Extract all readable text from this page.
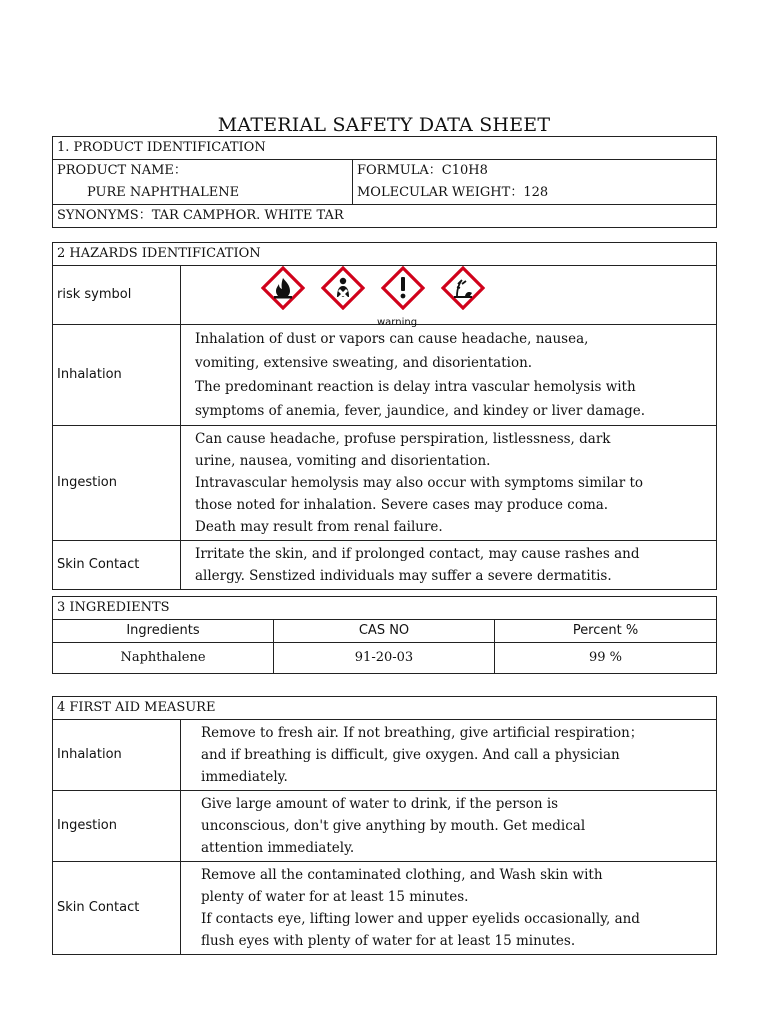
MATERIAL SAFETY DATA SHEET
1. PRODUCT IDENTIFICATION

PRODUCT NAME：
PURE NAPHTHALENE

FORMULA：C10H8
MOLECULAR WEIGHT：128

SYNONYMS：TAR CAMPHOR. WHITE TAR
2 HAZARDS IDENTIFICATION	
risk symbol	warning

Inhalation	Inhalation of dust or vapors can cause headache, nausea,
vomiting, extensive sweating, and disorientation.
The predominant reaction is delay intra vascular hemolysis with
symptoms of anemia, fever, jaundice, and kindey or liver damage.

Ingestion	Can cause headache, profuse perspiration, listlessness, dark
urine, nausea, vomiting and disorientation.
Intravascular hemolysis may also occur with symptoms similar to
those noted for inhalation. Severe cases may produce coma.
Death may result from renal failure.

Skin Contact	Irritate the skin, and if prolonged contact, may cause rashes and
allergy. Senstized individuals may suffer a severe dermatitis.
3 INGREDIENTS		
Ingredients	CAS NO	Percent %
Naphthalene	91-20-03	99 %
4 FIRST AID MEASURE	
Inhalation	Remove to fresh air. If not breathing, give artificial respiration；
and if breathing is difficult, give oxygen. And call a physician
immediately.

Ingestion	Give large amount of water to drink, if the person is
unconscious, don't give anything by mouth. Get medical
attention immediately.

Skin Contact	Remove all the contaminated clothing, and Wash skin with
plenty of water for at least 15 minutes.
If contacts eye, lifting lower and upper eyelids occasionally, and
flush eyes with plenty of water for at least 15 minutes.
